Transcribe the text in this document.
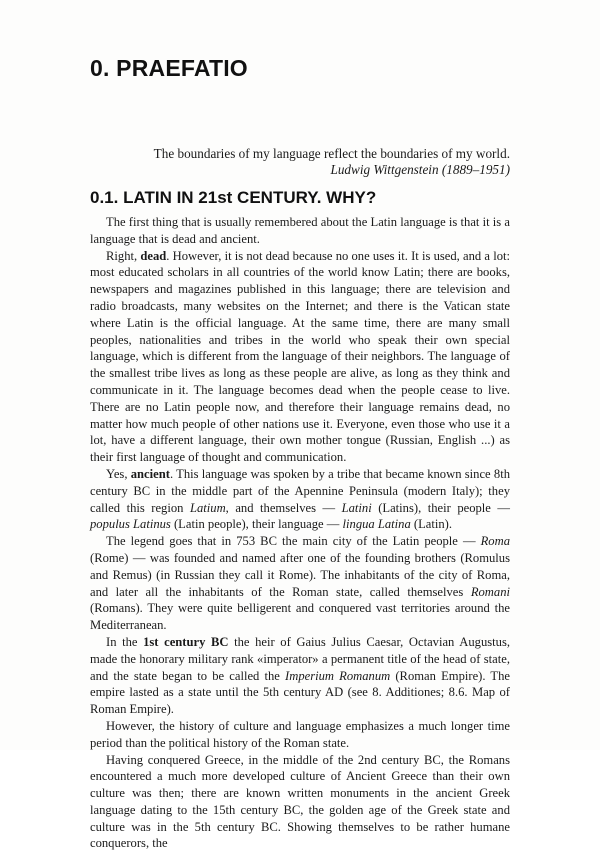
0. PRAEFATIO
The boundaries of my language reflect the boundaries of my world.
Ludwig Wittgenstein (1889–1951)
0.1. LATIN IN 21st CENTURY. WHY?

The first thing that is usually remembered about the Latin language is that it is a language that is dead and ancient.

Right, dead. However, it is not dead because no one uses it. It is used, and a lot: most educated scholars in all countries of the world know Latin; there are books, newspapers and magazines published in this language; there are television and radio broadcasts, many websites on the Internet; and there is the Vatican state where Latin is the official language. At the same time, there are many small peoples, nationalities and tribes in the world who speak their own special language, which is different from the language of their neighbors. The language of the smallest tribe lives as long as these people are alive, as long as they think and communicate in it. The language becomes dead when the people cease to live. There are no Latin people now, and therefore their language remains dead, no matter how much people of other nations use it. Everyone, even those who use it a lot, have a different language, their own mother tongue (Russian, English ...) as their first language of thought and communication.

Yes, ancient. This language was spoken by a tribe that became known since 8th century BC in the middle part of the Apennine Peninsula (modern Italy); they called this region Latium, and themselves — Latini (Latins), their people — populus Latinus (Latin people), their language — lingua Latina (Latin).

The legend goes that in 753 BC the main city of the Latin people — Roma (Rome) — was founded and named after one of the founding brothers (Romulus and Remus) (in Russian they call it Rome). The inhabitants of the city of Roma, and later all the inhabitants of the Roman state, called themselves Romani (Romans). They were quite belligerent and conquered vast territories around the Mediterranean.

In the 1st century BC the heir of Gaius Julius Caesar, Octavian Augustus, made the honorary military rank «imperator» a permanent title of the head of state, and the state began to be called the Imperium Romanum (Roman Empire). The empire lasted as a state until the 5th century AD (see 8. Additiones; 8.6. Map of Roman Empire).

However, the history of culture and language emphasizes a much longer time period than the political history of the Roman state.

Having conquered Greece, in the middle of the 2nd century BC, the Romans encountered a much more developed culture of Ancient Greece than their own culture was then; there are known written monuments in the ancient Greek language dating to the 15th century BC, the golden age of the Greek state and culture was in the 5th century BC. Showing themselves to be rather humane conquerors, the
